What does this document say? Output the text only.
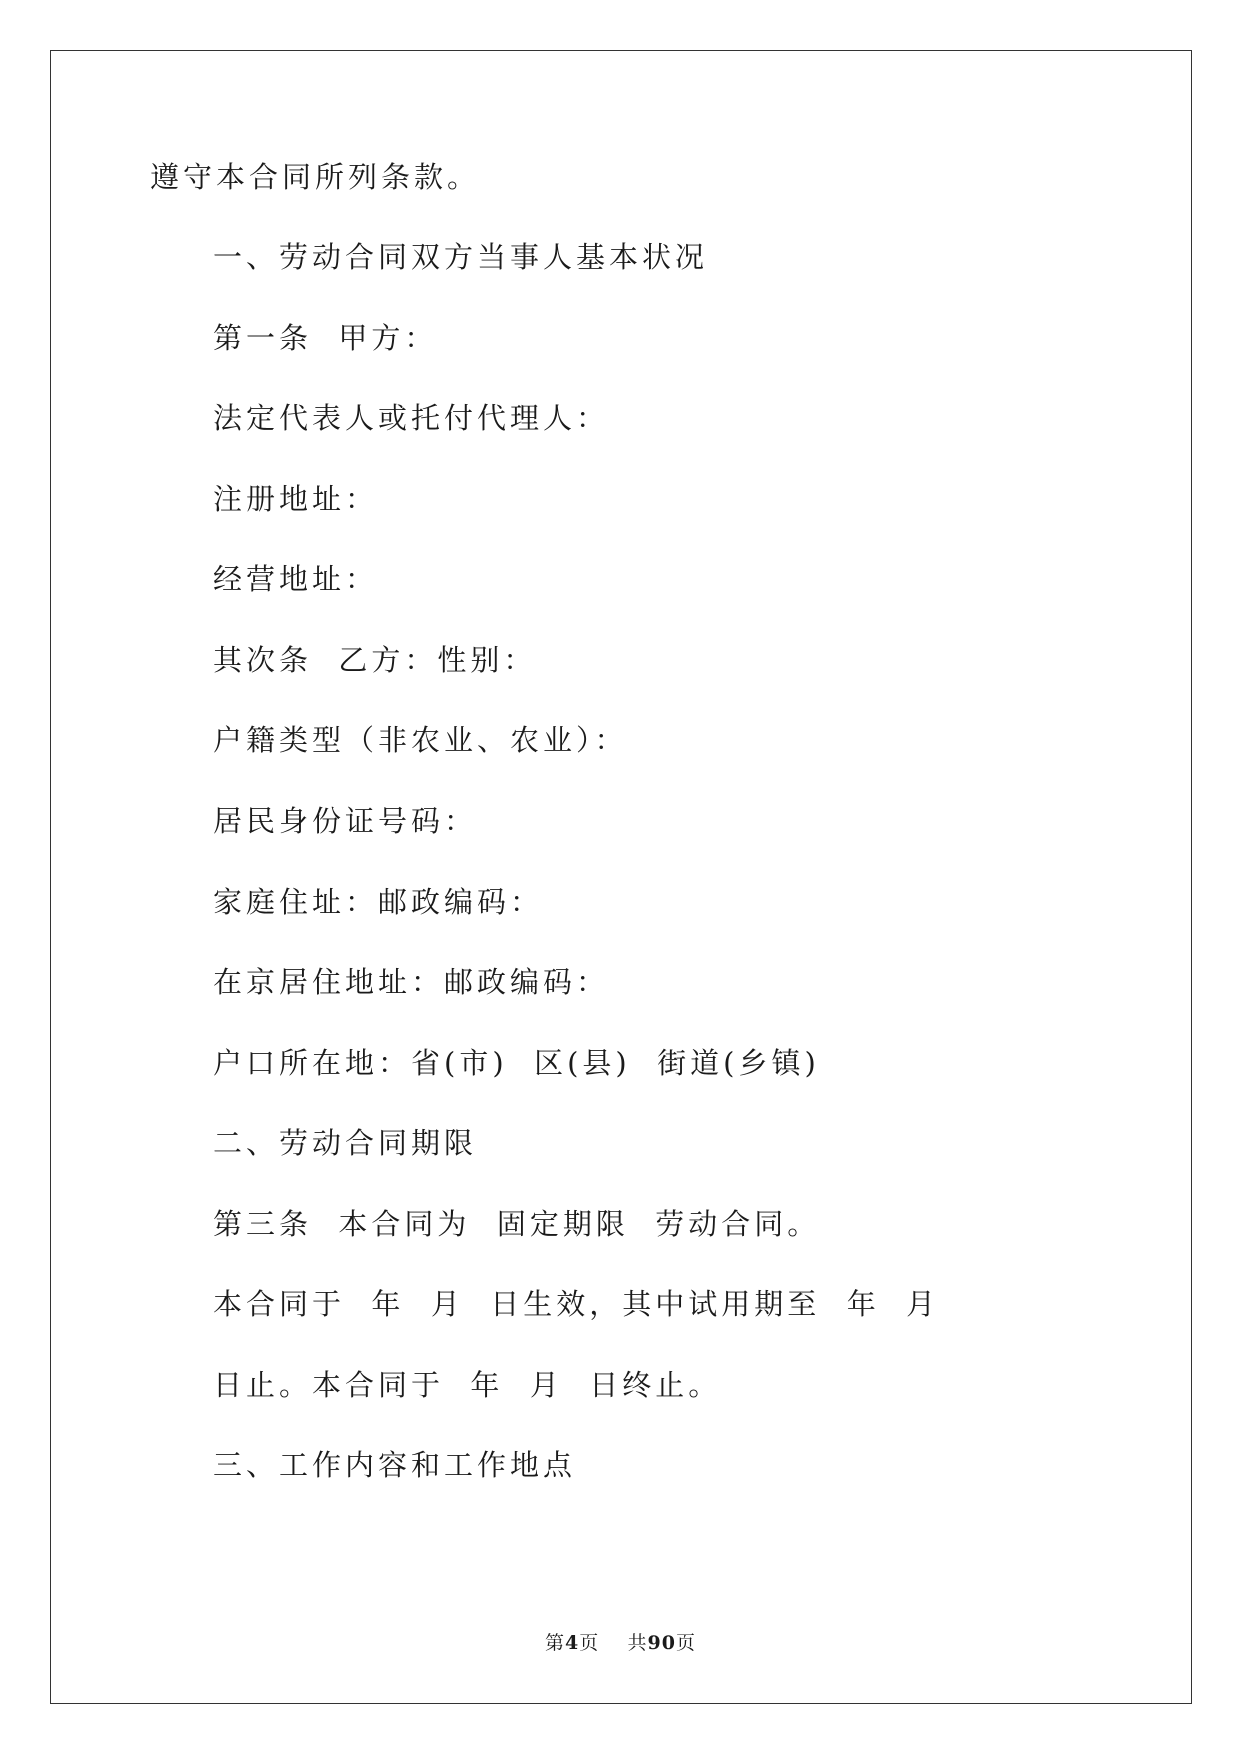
遵守本合同所列条款。
一、劳动合同双方当事人基本状况
第一条  甲方：
法定代表人或托付代理人：
注册地址：
经营地址：
其次条  乙方：性别：
户籍类型（非农业、农业）：
居民身份证号码：
家庭住址：邮政编码：
在京居住地址：邮政编码：
户口所在地：省(市)  区(县)  街道(乡镇)
二、劳动合同期限
第三条  本合同为  固定期限  劳动合同。
本合同于  年  月  日生效，其中试用期至  年  月
日止。本合同于  年  月  日终止。
三、工作内容和工作地点
第4页 共90页
